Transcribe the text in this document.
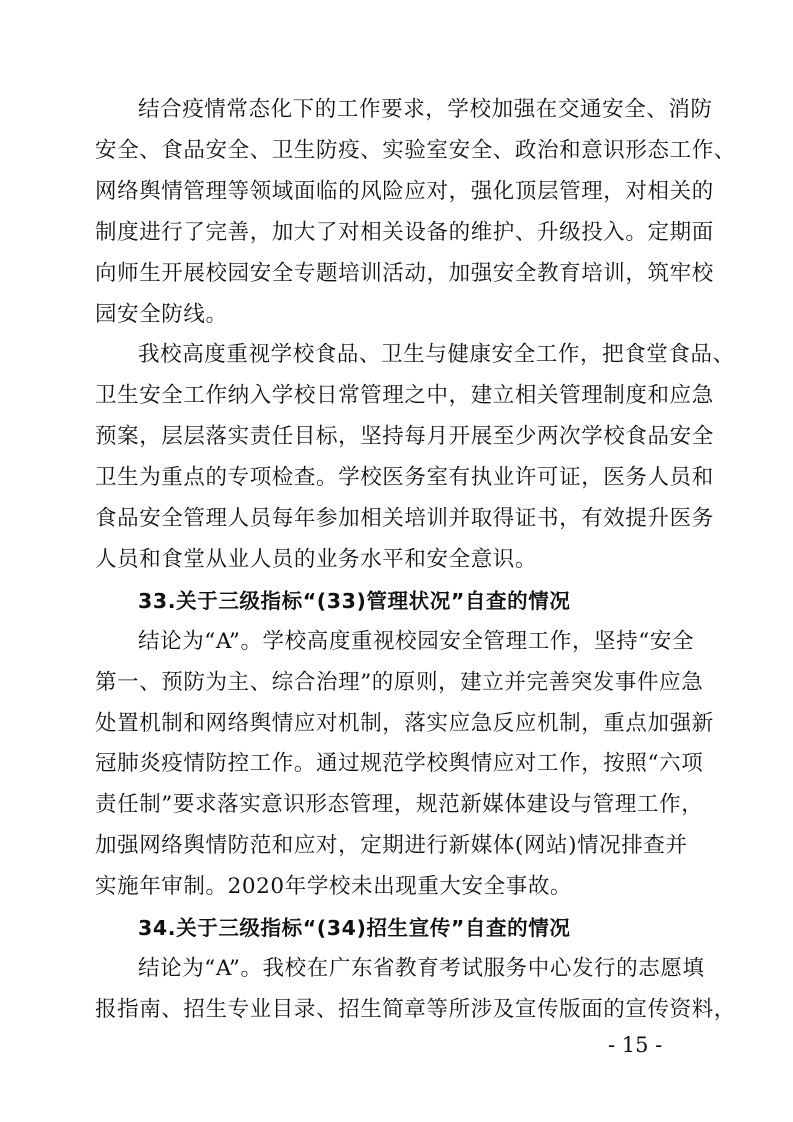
结合疫情常态化下的工作要求，学校加强在交通安全、消防
安全、食品安全、卫生防疫、实验室安全、政治和意识形态工作、
网络舆情管理等领域面临的风险应对，强化顶层管理，对相关的
制度进行了完善，加大了对相关设备的维护、升级投入。定期面
向师生开展校园安全专题培训活动，加强安全教育培训，筑牢校
园安全防线。
我校高度重视学校食品、卫生与健康安全工作，把食堂食品、
卫生安全工作纳入学校日常管理之中，建立相关管理制度和应急
预案，层层落实责任目标，坚持每月开展至少两次学校食品安全
卫生为重点的专项检查。学校医务室有执业许可证，医务人员和
食品安全管理人员每年参加相关培训并取得证书，有效提升医务
人员和食堂从业人员的业务水平和安全意识。
33.关于三级指标“(33)管理状况”自查的情况
结论为“A”。学校高度重视校园安全管理工作，坚持“安全
第一、预防为主、综合治理”的原则，建立并完善突发事件应急
处置机制和网络舆情应对机制，落实应急反应机制，重点加强新
冠肺炎疫情防控工作。通过规范学校舆情应对工作，按照“六项
责任制”要求落实意识形态管理，规范新媒体建设与管理工作，
加强网络舆情防范和应对，定期进行新媒体(网站)情况排查并
实施年审制。2020年学校未出现重大安全事故。
34.关于三级指标“(34)招生宣传”自查的情况
- 15 -
结论为“A”。我校在广东省教育考试服务中心发行的志愿填
报指南、招生专业目录、招生简章等所涉及宣传版面的宣传资料，
